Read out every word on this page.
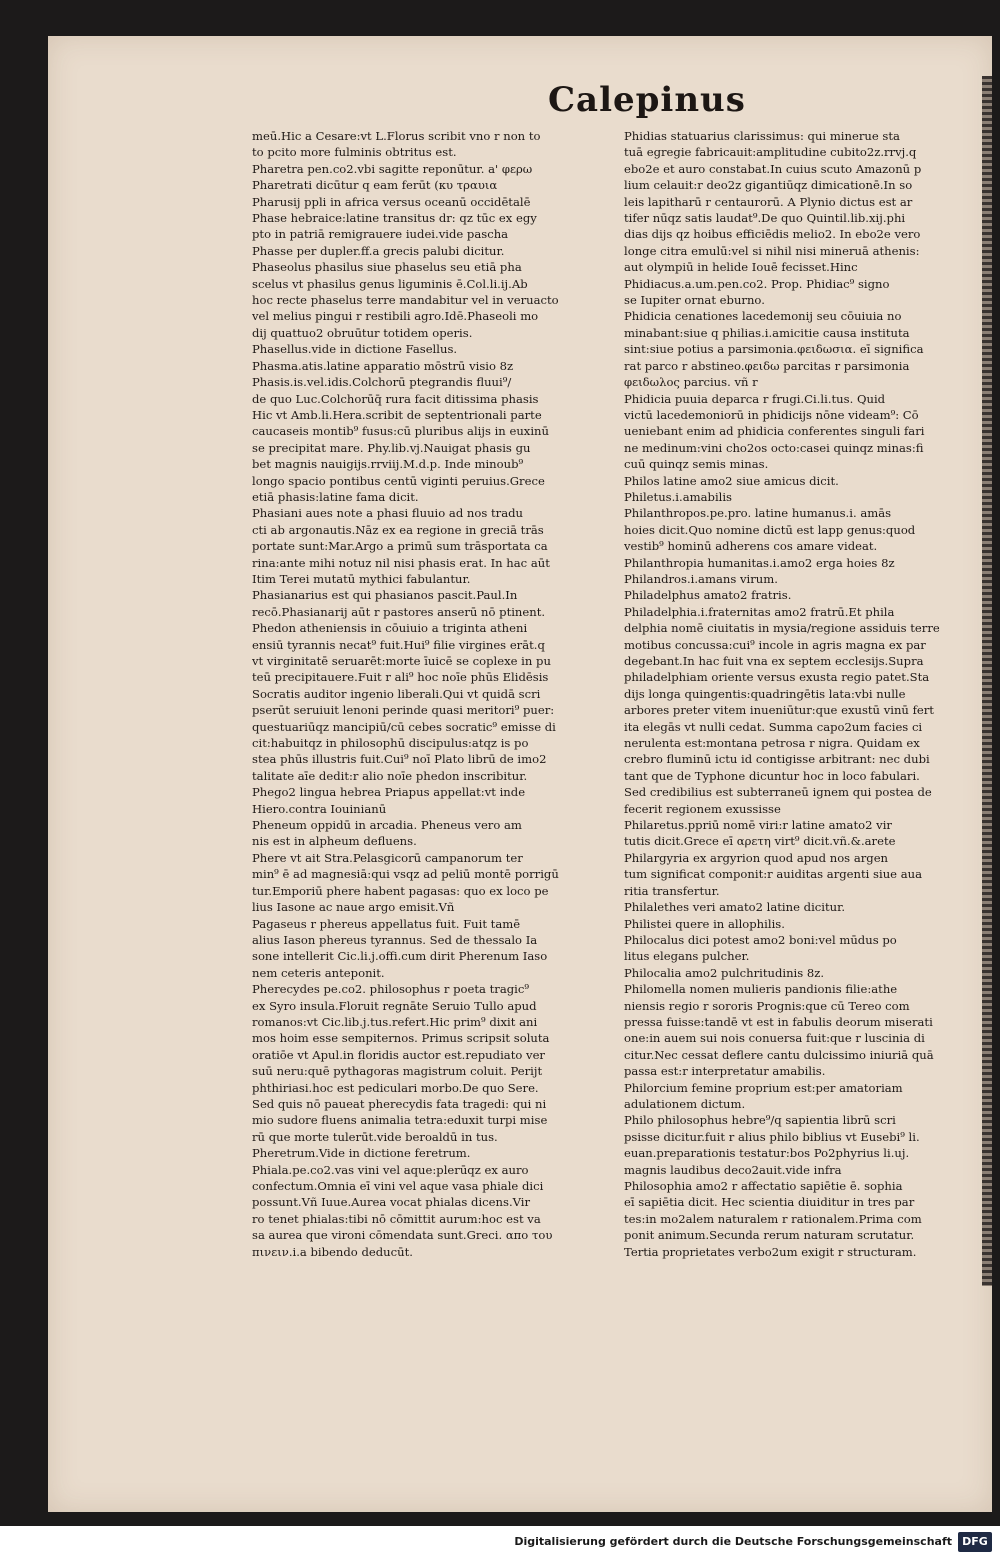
Calepinus
meū.Hic a Cesare:vt L.Florus scribit vno r non to
to pcito more fulminis obtritus est.
Pharetra pen.co2.vbi sagitte reponūtur. a' φερω
Pharetrati dicūtur q eam ferūt (κυ τραυια
Pharusij ppli in africa versus oceanū occidētalē
Phase hebraice:latine transitus dr: qz tūc ex egy
pto in patriā remigrauere iudei.vide pascha
Phasse per dupler.ff.a grecis palubi dicitur.
Phaseolus phasilus siue phaselus seu etiā pha
scelus vt phasilus genus liguminis ē.Col.li.ij.Ab
hoc recte phaselus terre mandabitur vel in veruacto
vel melius pingui r restibili agro.Idē.Phaseoli mo
dij quattuo2 obruūtur totidem operis.
Phasellus.vide in dictione Fasellus.
Phasma.atis.latine apparatio mōstrū visio 8z
Phasis.is.vel.idis.Colchorū ptegrandis fluui⁹/
de quo Luc.Colchorūq̄ rura facit ditissima phasis
Hic vt Amb.li.Hera.scribit de septentrionali parte
caucaseis montib⁹ fusus:cū pluribus alijs in euxinū
se precipitat mare. Phy.lib.vj.Nauigat phasis gu
bet magnis nauigijs.rrviij.M.d.p. Inde minoub⁹
longo spacio pontibus centū viginti peruius.Grece
etiā phasis:latine fama dicit.
Phasiani aues note a phasi fluuio ad nos tradu
cti ab argonautis.Nāz ex ea regione in greciā trās
portate sunt:Mar.Argo a primū sum trāsportata ca
rina:ante mihi notuz nil nisi phasis erat. In hac aūt
Itim Terei mutatū mythici fabulantur.
Phasianarius est qui phasianos pascit.Paul.In
recō.Phasianarij aūt r pastores anserū nō ptinent.
Phedon atheniensis in cōuiuio a triginta atheni
ensiū tyrannis necat⁹ fuit.Hui⁹ filie virgines erāt.q
vt virginitatē seruarēt:morte īuicē se coplexe in pu
teū precipitauere.Fuit r ali⁹ hoc noīe phūs Elidēsis
Socratis auditor ingenio liberali.Qui vt quidā scri
pserūt seruiuit lenoni perinde quasi meritori⁹ puer:
questuariūqz mancipiū/cū cebes socratic⁹ emisse di
cit:habuitqz in philosophū discipulus:atqz is po
stea phūs illustris fuit.Cui⁹ noī Plato librū de imo2
talitate aīe dedit:r alio noīe phedon inscribitur.
Phego2 lingua hebrea Priapus appellat:vt inde
Hiero.contra Iouinianū
Pheneum oppidū in arcadia. Pheneus vero am
nis est in alpheum defluens.
Phere vt ait Stra.Pelasgicorū campanorum ter
min⁹ ē ad magnesiā:qui vsqz ad peliū montē porrigū
tur.Emporiū phere habent pagasas: quo ex loco pe
lius Iasone ac naue argo emisit.Vñ
Pagaseus r phereus appellatus fuit. Fuit tamē
alius Iason phereus tyrannus. Sed de thessalo Ia
sone intellerit Cic.li.j.offi.cum dirit Pherenum Iaso
nem ceteris anteponit.
Pherecydes pe.co2. philosophus r poeta tragic⁹
ex Syro insula.Floruit regnāte Seruio Tullo apud
romanos:vt Cic.lib.j.tus.refert.Hic prim⁹ dixit ani
mos hoim esse sempiternos. Primus scripsit soluta
oratiōe vt Apul.in floridis auctor est.repudiato ver
suū neru:quē pythagoras magistrum coluit. Perijt
phthiriasi.hoc est pediculari morbo.De quo Sere.
Sed quis nō paueat pherecydis fata tragedi: qui ni
mio sudore fluens animalia tetra:eduxit turpi mise
rū que morte tulerūt.vide beroaldū in tus.
Pheretrum.Vide in dictione feretrum.
Phiala.pe.co2.vas vini vel aque:plerūqz ex auro
confectum.Omnia eī vini vel aque vasa phiale dici
possunt.Vñ Iuue.Aurea vocat phialas dicens.Vir
ro tenet phialas:tibi nō cōmittit aurum:hoc est va
sa aurea que vironi cōmendata sunt.Greci. απο του
πινειν.i.a bibendo deducūt.
Phidias statuarius clarissimus: qui minerue sta
tuā egregie fabricauit:amplitudine cubito2z.rrvj.q
ebo2e et auro constabat.In cuius scuto Amazonū p
lium celauit:r deo2z gigantiūqz dimicationē.In so
leis lapitharū r centaurorū. A Plynio dictus est ar
tifer nūqz satis laudat⁹.De quo Quintil.lib.xij.phi
dias dijs qz hoibus efficiēdis melio2. In ebo2e vero
longe citra emulū:vel si nihil nisi mineruā athenis:
aut olympiū in helide Iouē fecisset.Hinc
Phidiacus.a.um.pen.co2. Prop. Phidiac⁹ signo
se Iupiter ornat eburno.
Phidicia cenationes lacedemonij seu cōuiuia no
minabant:siue q philias.i.amicitie causa instituta
sint:siue potius a parsimonia.φειδωσια. eī significa
rat parco r abstineo.φειδω parcitas r parsimonia
φειδωλος parcius. vñ r
Phidicia puuia deparca r frugi.Ci.li.tus. Quid
victū lacedemoniorū in phidicijs nōne videam⁹: Cō
ueniebant enim ad phidicia conferentes singuli fari
ne medinum:vini cho2os octo:casei quinqz minas:fi
cuū quinqz semis minas.
Philos latine amo2 siue amicus dicit.
Philetus.i.amabilis
Philanthropos.pe.pro. latine humanus.i. amās
hoies dicit.Quo nomine dictū est lapp genus:quod
vestib⁹ hominū adherens cos amare videat.
Philanthropia humanitas.i.amo2 erga hoies 8z
Philandros.i.amans virum.
Philadelphus amato2 fratris.
Philadelphia.i.fraternitas amo2 fratrū.Et phila
delphia nomē ciuitatis in mysia/regione assiduis terre
motibus concussa:cui⁹ incole in agris magna ex par
degebant.In hac fuit vna ex septem ecclesijs.Supra
philadelphiam oriente versus exusta regio patet.Sta
dijs longa quingentis:quadringētis lata:vbi nulle
arbores preter vitem inueniūtur:que exustū vinū fert
ita elegās vt nulli cedat. Summa capo2um facies ci
nerulenta est:montana petrosa r nigra. Quidam ex
crebro fluminū ictu id contigisse arbitrant: nec dubi
tant que de Typhone dicuntur hoc in loco fabulari.
Sed credibilius est subterraneū ignem qui postea de
fecerit regionem exussisse
Philaretus.ppriū nomē viri:r latine amato2 vir
tutis dicit.Grece eī αρετη virt⁹ dicit.vñ.&.arete
Philargyria ex argyrion quod apud nos argen
tum significat componit:r auiditas argenti siue aua
ritia transfertur.
Philalethes veri amato2 latine dicitur.
Philistei quere in allophilis.
Philocalus dici potest amo2 boni:vel mūdus po
litus elegans pulcher.
Philocalia amo2 pulchritudinis 8z.
Philomella nomen mulieris pandionis filie:athe
niensis regio r sororis Prognis:que cū Tereo com
pressa fuisse:tandē vt est in fabulis deorum miserati
one:in auem sui nois conuersa fuit:que r luscinia di
citur.Nec cessat deflere cantu dulcissimo iniuriā quā
passa est:r interpretatur amabilis.
Philorcium femine proprium est:per amatoriam
adulationem dictum.
Philo philosophus hebre⁹/q sapientia librū scri
psisse dicitur.fuit r alius philo biblius vt Eusebi⁹ li.
euan.preparationis testatur:bos Po2phyrius li.uj.
magnis laudibus deco2auit.vide infra
Philosophia amo2 r affectatio sapiētie ē. sophia
eī sapiētia dicit. Hec scientia diuiditur in tres par
tes:in mo2alem naturalem r rationalem.Prima com
ponit animum.Secunda rerum naturam scrutatur.
Tertia proprietates verbo2um exigit r structuram.
Digitalisierung gefördert durch die Deutsche Forschungsgemeinschaft DFG
